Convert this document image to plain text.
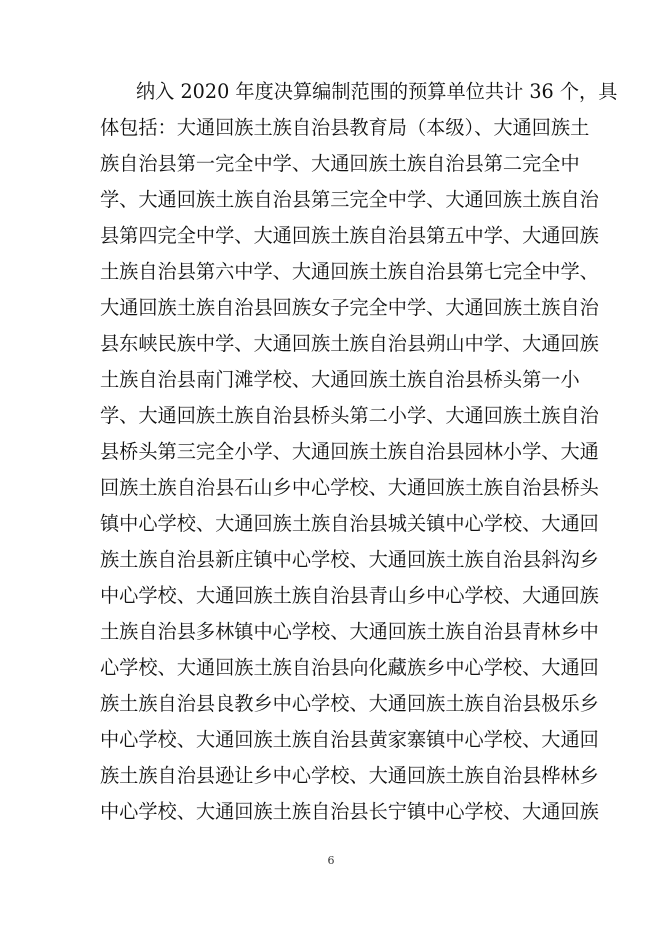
纳入 2020 年度决算编制范围的预算单位共计 36 个，具
体包括：大通回族土族自治县教育局（本级）、大通回族土
族自治县第一完全中学、大通回族土族自治县第二完全中
学、大通回族土族自治县第三完全中学、大通回族土族自治
县第四完全中学、大通回族土族自治县第五中学、大通回族
土族自治县第六中学、大通回族土族自治县第七完全中学、
大通回族土族自治县回族女子完全中学、大通回族土族自治
县东峡民族中学、大通回族土族自治县朔山中学、大通回族
土族自治县南门滩学校、大通回族土族自治县桥头第一小
学、大通回族土族自治县桥头第二小学、大通回族土族自治
县桥头第三完全小学、大通回族土族自治县园林小学、大通
回族土族自治县石山乡中心学校、大通回族土族自治县桥头
镇中心学校、大通回族土族自治县城关镇中心学校、大通回
族土族自治县新庄镇中心学校、大通回族土族自治县斜沟乡
中心学校、大通回族土族自治县青山乡中心学校、大通回族
土族自治县多林镇中心学校、大通回族土族自治县青林乡中
心学校、大通回族土族自治县向化藏族乡中心学校、大通回
族土族自治县良教乡中心学校、大通回族土族自治县极乐乡
中心学校、大通回族土族自治县黄家寨镇中心学校、大通回
族土族自治县逊让乡中心学校、大通回族土族自治县桦林乡
中心学校、大通回族土族自治县长宁镇中心学校、大通回族
6
